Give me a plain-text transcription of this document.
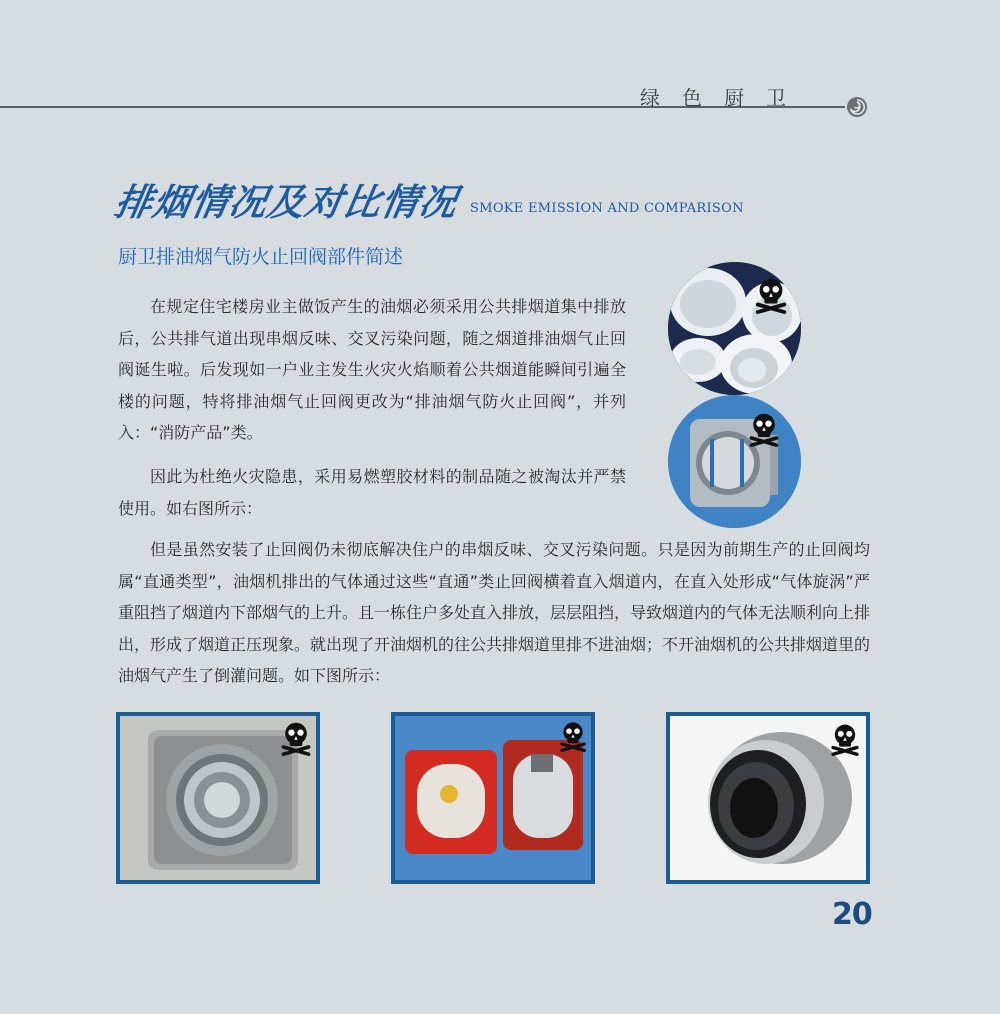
绿色厨卫
排烟情况及对比情况 SMOKE EMISSION AND COMPARISON
厨卫排油烟气防火止回阀部件简述
在规定住宅楼房业主做饭产生的油烟必须采用公共排烟道集中排放后，公共排气道出现串烟反味、交叉污染问题，随之烟道排油烟气止回阀诞生啦。后发现如一户业主发生火灾火焰顺着公共烟道能瞬间引遍全楼的问题，特将排油烟气止回阀更改为“排油烟气防火止回阀”，并列入：“消防产品”类。
因此为杜绝火灾隐患，采用易燃塑胶材料的制品随之被淘汰并严禁使用。如右图所示：
但是虽然安装了止回阀仍未彻底解决住户的串烟反味、交叉污染问题。只是因为前期生产的止回阀均属“直通类型”，油烟机排出的气体通过这些“直通”类止回阀横着直入烟道内，在直入处形成“气体旋涡”严重阻挡了烟道内下部烟气的上升。且一栋住户多处直入排放，层层阻挡，导致烟道内的气体无法顺利向上排出，形成了烟道正压现象。就出现了开油烟机的往公共排烟道里排不进油烟；不开油烟机的公共排烟道里的油烟气产生了倒灌问题。如下图所示：
20
